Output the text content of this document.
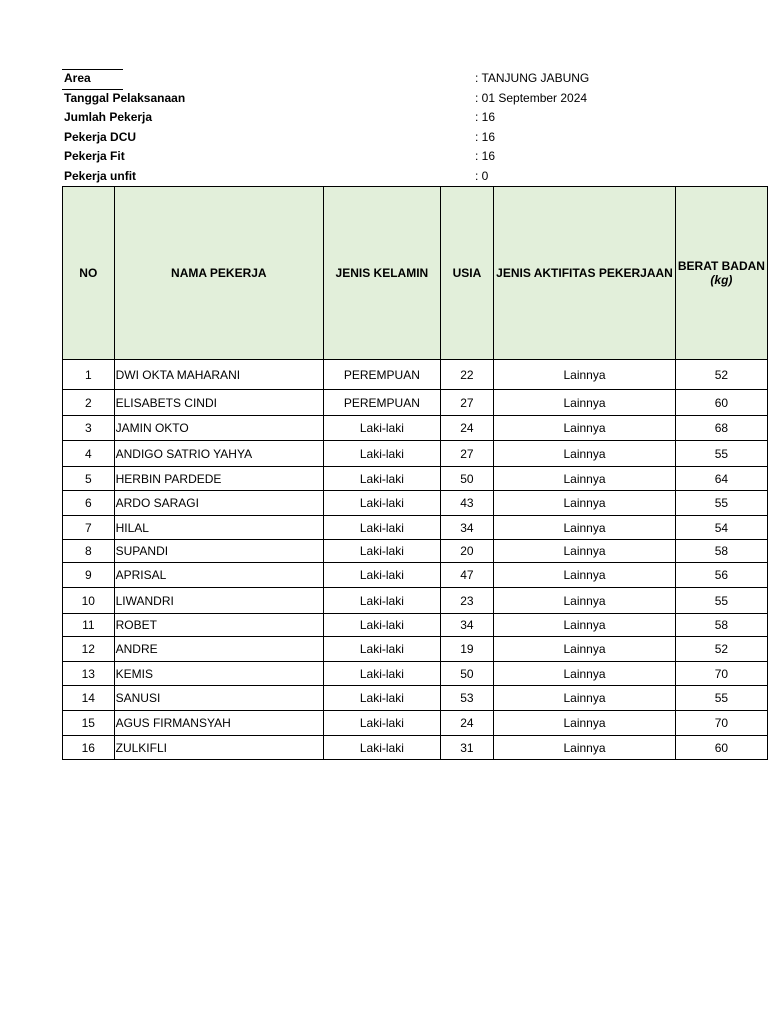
Area	: TANJUNG JABUNG
Tanggal Pelaksanaan	: 01 September 2024
Jumlah Pekerja	: 16
Pekerja DCU	: 16
Pekerja Fit	: 16
Pekerja unfit	: 0
NO	NAMA PEKERJA	JENIS KELAMIN	USIA	JENIS AKTIFITAS PEKERJAAN	BERAT BADAN
(kg)
1	DWI OKTA MAHARANI	PEREMPUAN	22	Lainnya	52
2	ELISABETS CINDI	PEREMPUAN	27	Lainnya	60
3	JAMIN OKTO	Laki-laki	24	Lainnya	68
4	ANDIGO SATRIO YAHYA	Laki-laki	27	Lainnya	55
5	HERBIN PARDEDE	Laki-laki	50	Lainnya	64
6	ARDO SARAGI	Laki-laki	43	Lainnya	55
7	HILAL	Laki-laki	34	Lainnya	54
8	SUPANDI	Laki-laki	20	Lainnya	58
9	APRISAL	Laki-laki	47	Lainnya	56
10	LIWANDRI	Laki-laki	23	Lainnya	55
11	ROBET	Laki-laki	34	Lainnya	58
12	ANDRE	Laki-laki	19	Lainnya	52
13	KEMIS	Laki-laki	50	Lainnya	70
14	SANUSI	Laki-laki	53	Lainnya	55
15	AGUS FIRMANSYAH	Laki-laki	24	Lainnya	70
16	ZULKIFLI	Laki-laki	31	Lainnya	60
